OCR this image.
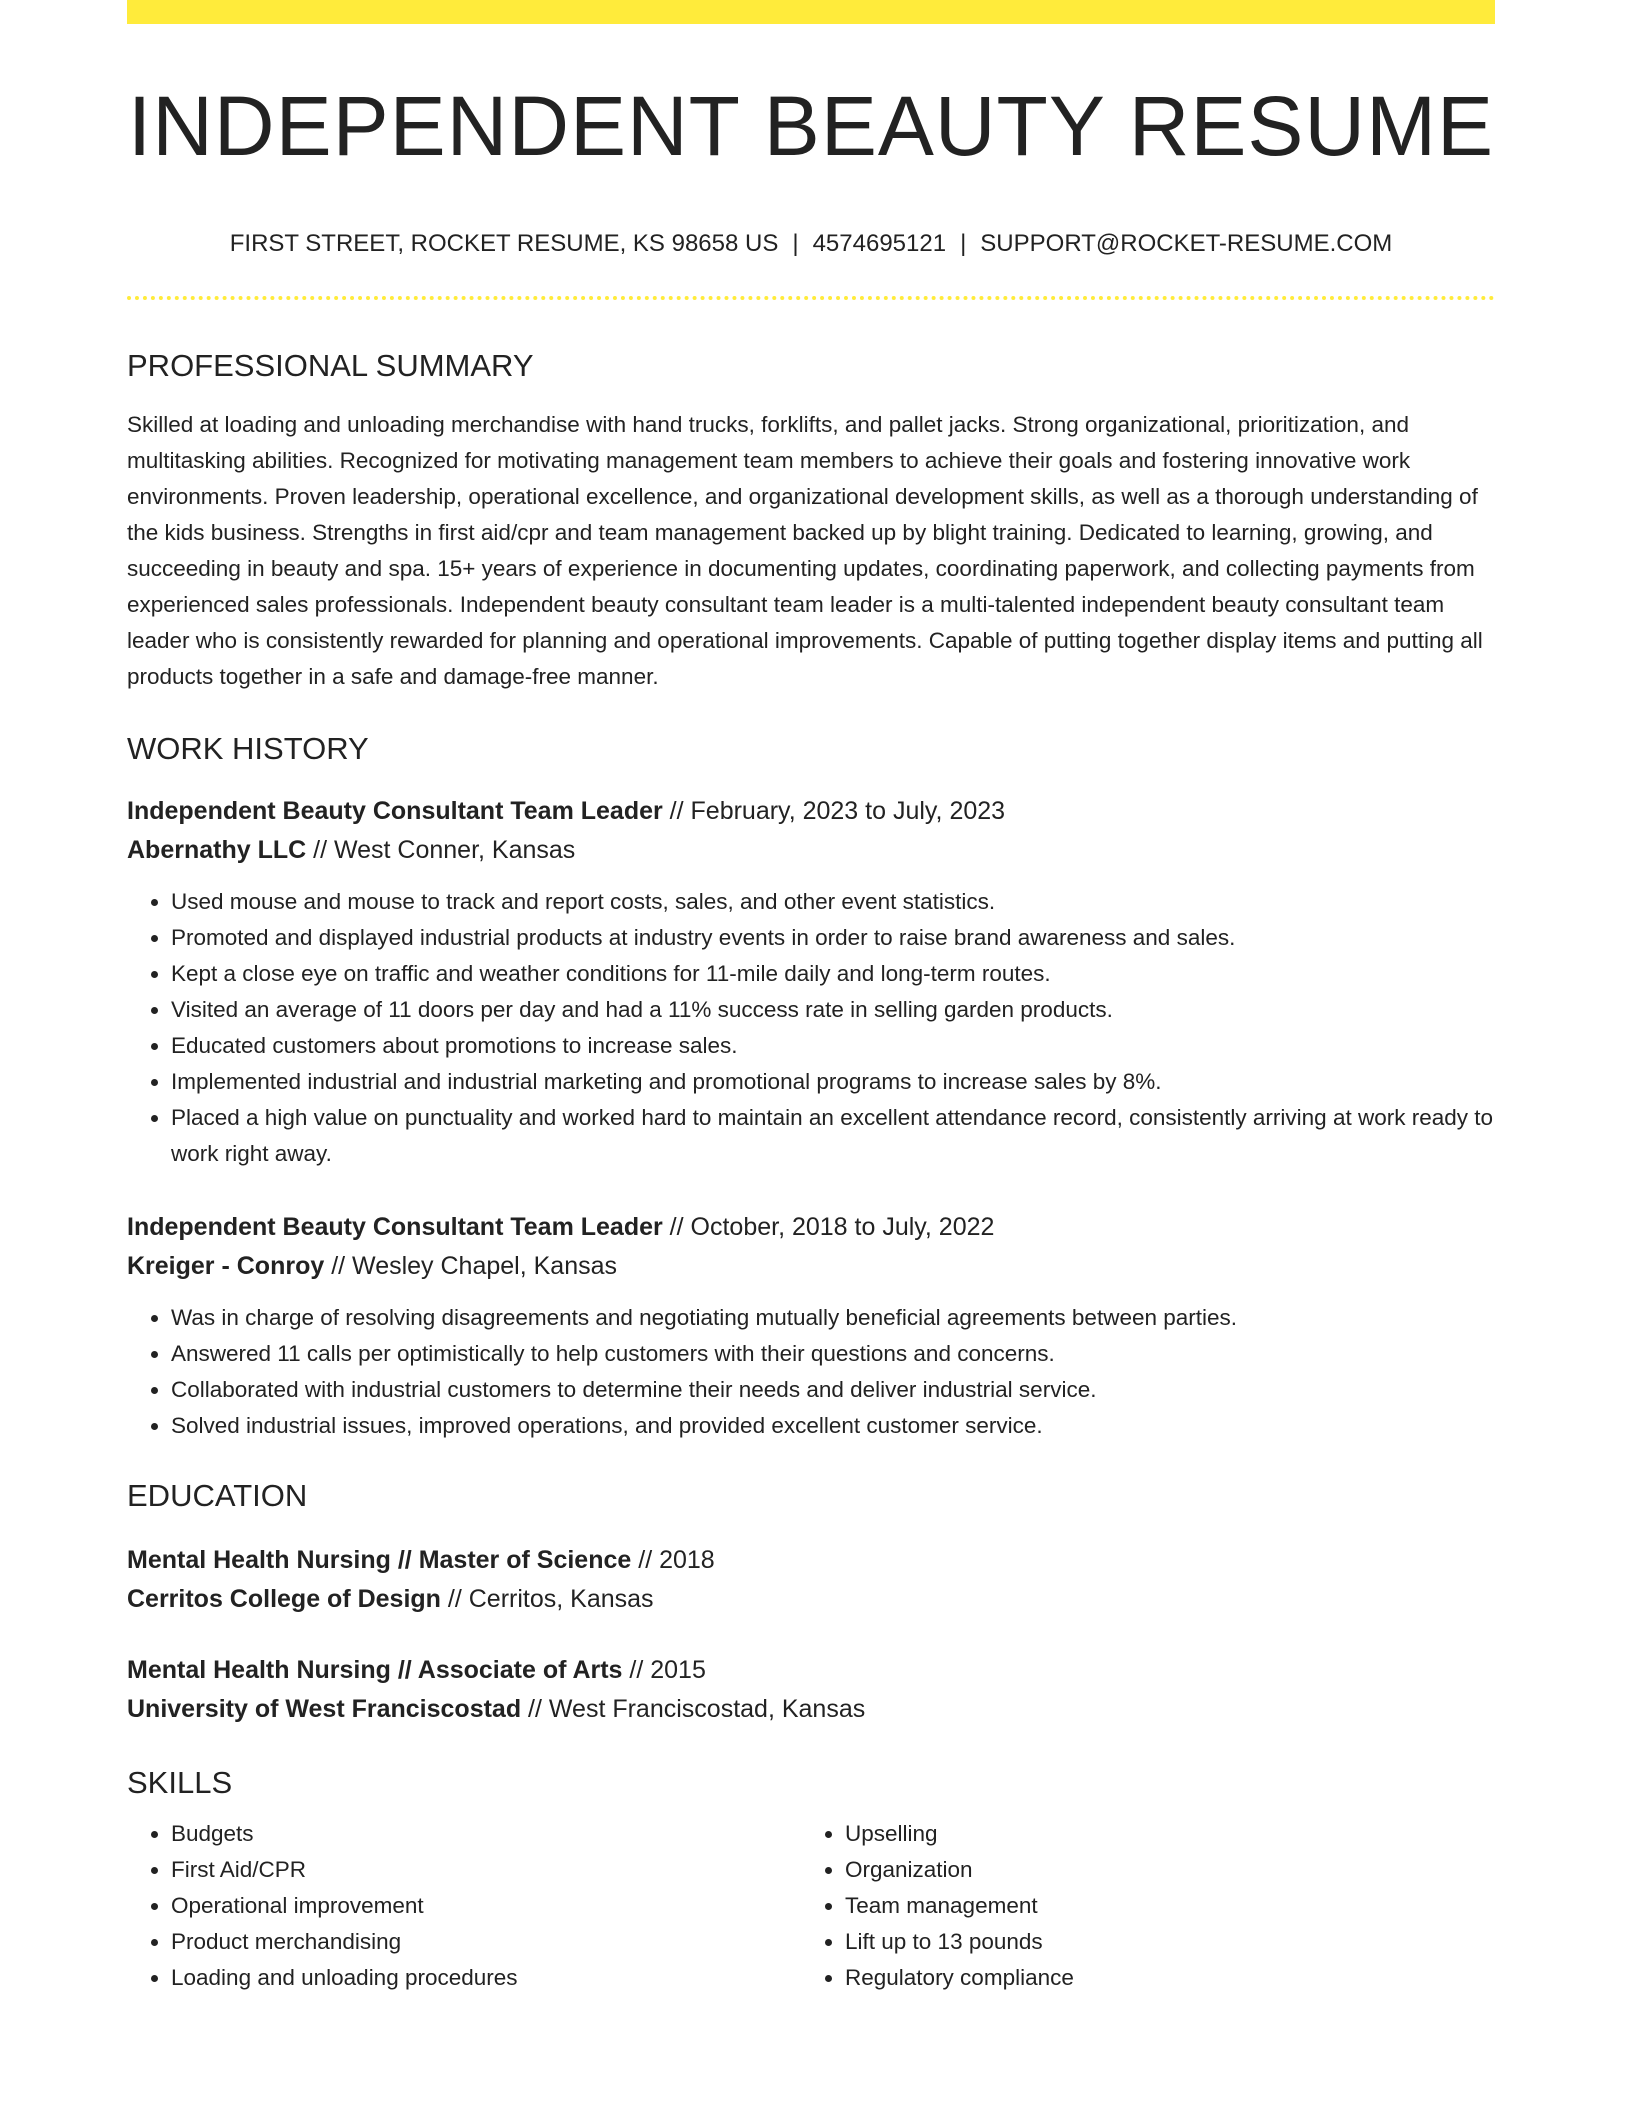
INDEPENDENT BEAUTY RESUME
FIRST STREET, ROCKET RESUME, KS 98658 US | 4574695121 | SUPPORT@ROCKET-RESUME.COM
PROFESSIONAL SUMMARY

Skilled at loading and unloading merchandise with hand trucks, forklifts, and pallet jacks. Strong organizational, prioritization, and multitasking abilities. Recognized for motivating management team members to achieve their goals and fostering innovative work environments. Proven leadership, operational excellence, and organizational development skills, as well as a thorough understanding of the kids business. Strengths in first aid/cpr and team management backed up by blight training. Dedicated to learning, growing, and succeeding in beauty and spa. 15+ years of experience in documenting updates, coordinating paperwork, and collecting payments from experienced sales professionals. Independent beauty consultant team leader is a multi-talented independent beauty consultant team leader who is consistently rewarded for planning and operational improvements. Capable of putting together display items and putting all products together in a safe and damage-free manner.

WORK HISTORY
Independent Beauty Consultant Team Leader // February, 2023 to July, 2023
Abernathy LLC // West Conner, Kansas
• Used mouse and mouse to track and report costs, sales, and other event statistics.
• Promoted and displayed industrial products at industry events in order to raise brand awareness and sales.
• Kept a close eye on traffic and weather conditions for 11-mile daily and long-term routes.
• Visited an average of 11 doors per day and had a 11% success rate in selling garden products.
• Educated customers about promotions to increase sales.
• Implemented industrial and industrial marketing and promotional programs to increase sales by 8%.
• Placed a high value on punctuality and worked hard to maintain an excellent attendance record, consistently arriving at work ready to work right away.
Independent Beauty Consultant Team Leader // October, 2018 to July, 2022
Kreiger - Conroy // Wesley Chapel, Kansas
• Was in charge of resolving disagreements and negotiating mutually beneficial agreements between parties.
• Answered 11 calls per optimistically to help customers with their questions and concerns.
• Collaborated with industrial customers to determine their needs and deliver industrial service.
• Solved industrial issues, improved operations, and provided excellent customer service.
EDUCATION
Mental Health Nursing // Master of Science // 2018
Cerritos College of Design // Cerritos, Kansas
Mental Health Nursing // Associate of Arts // 2015
University of West Franciscostad // West Franciscostad, Kansas
SKILLS
• Budgets
• First Aid/CPR
• Operational improvement
• Product merchandising
• Loading and unloading procedures
• Upselling
• Organization
• Team management
• Lift up to 13 pounds
• Regulatory compliance
